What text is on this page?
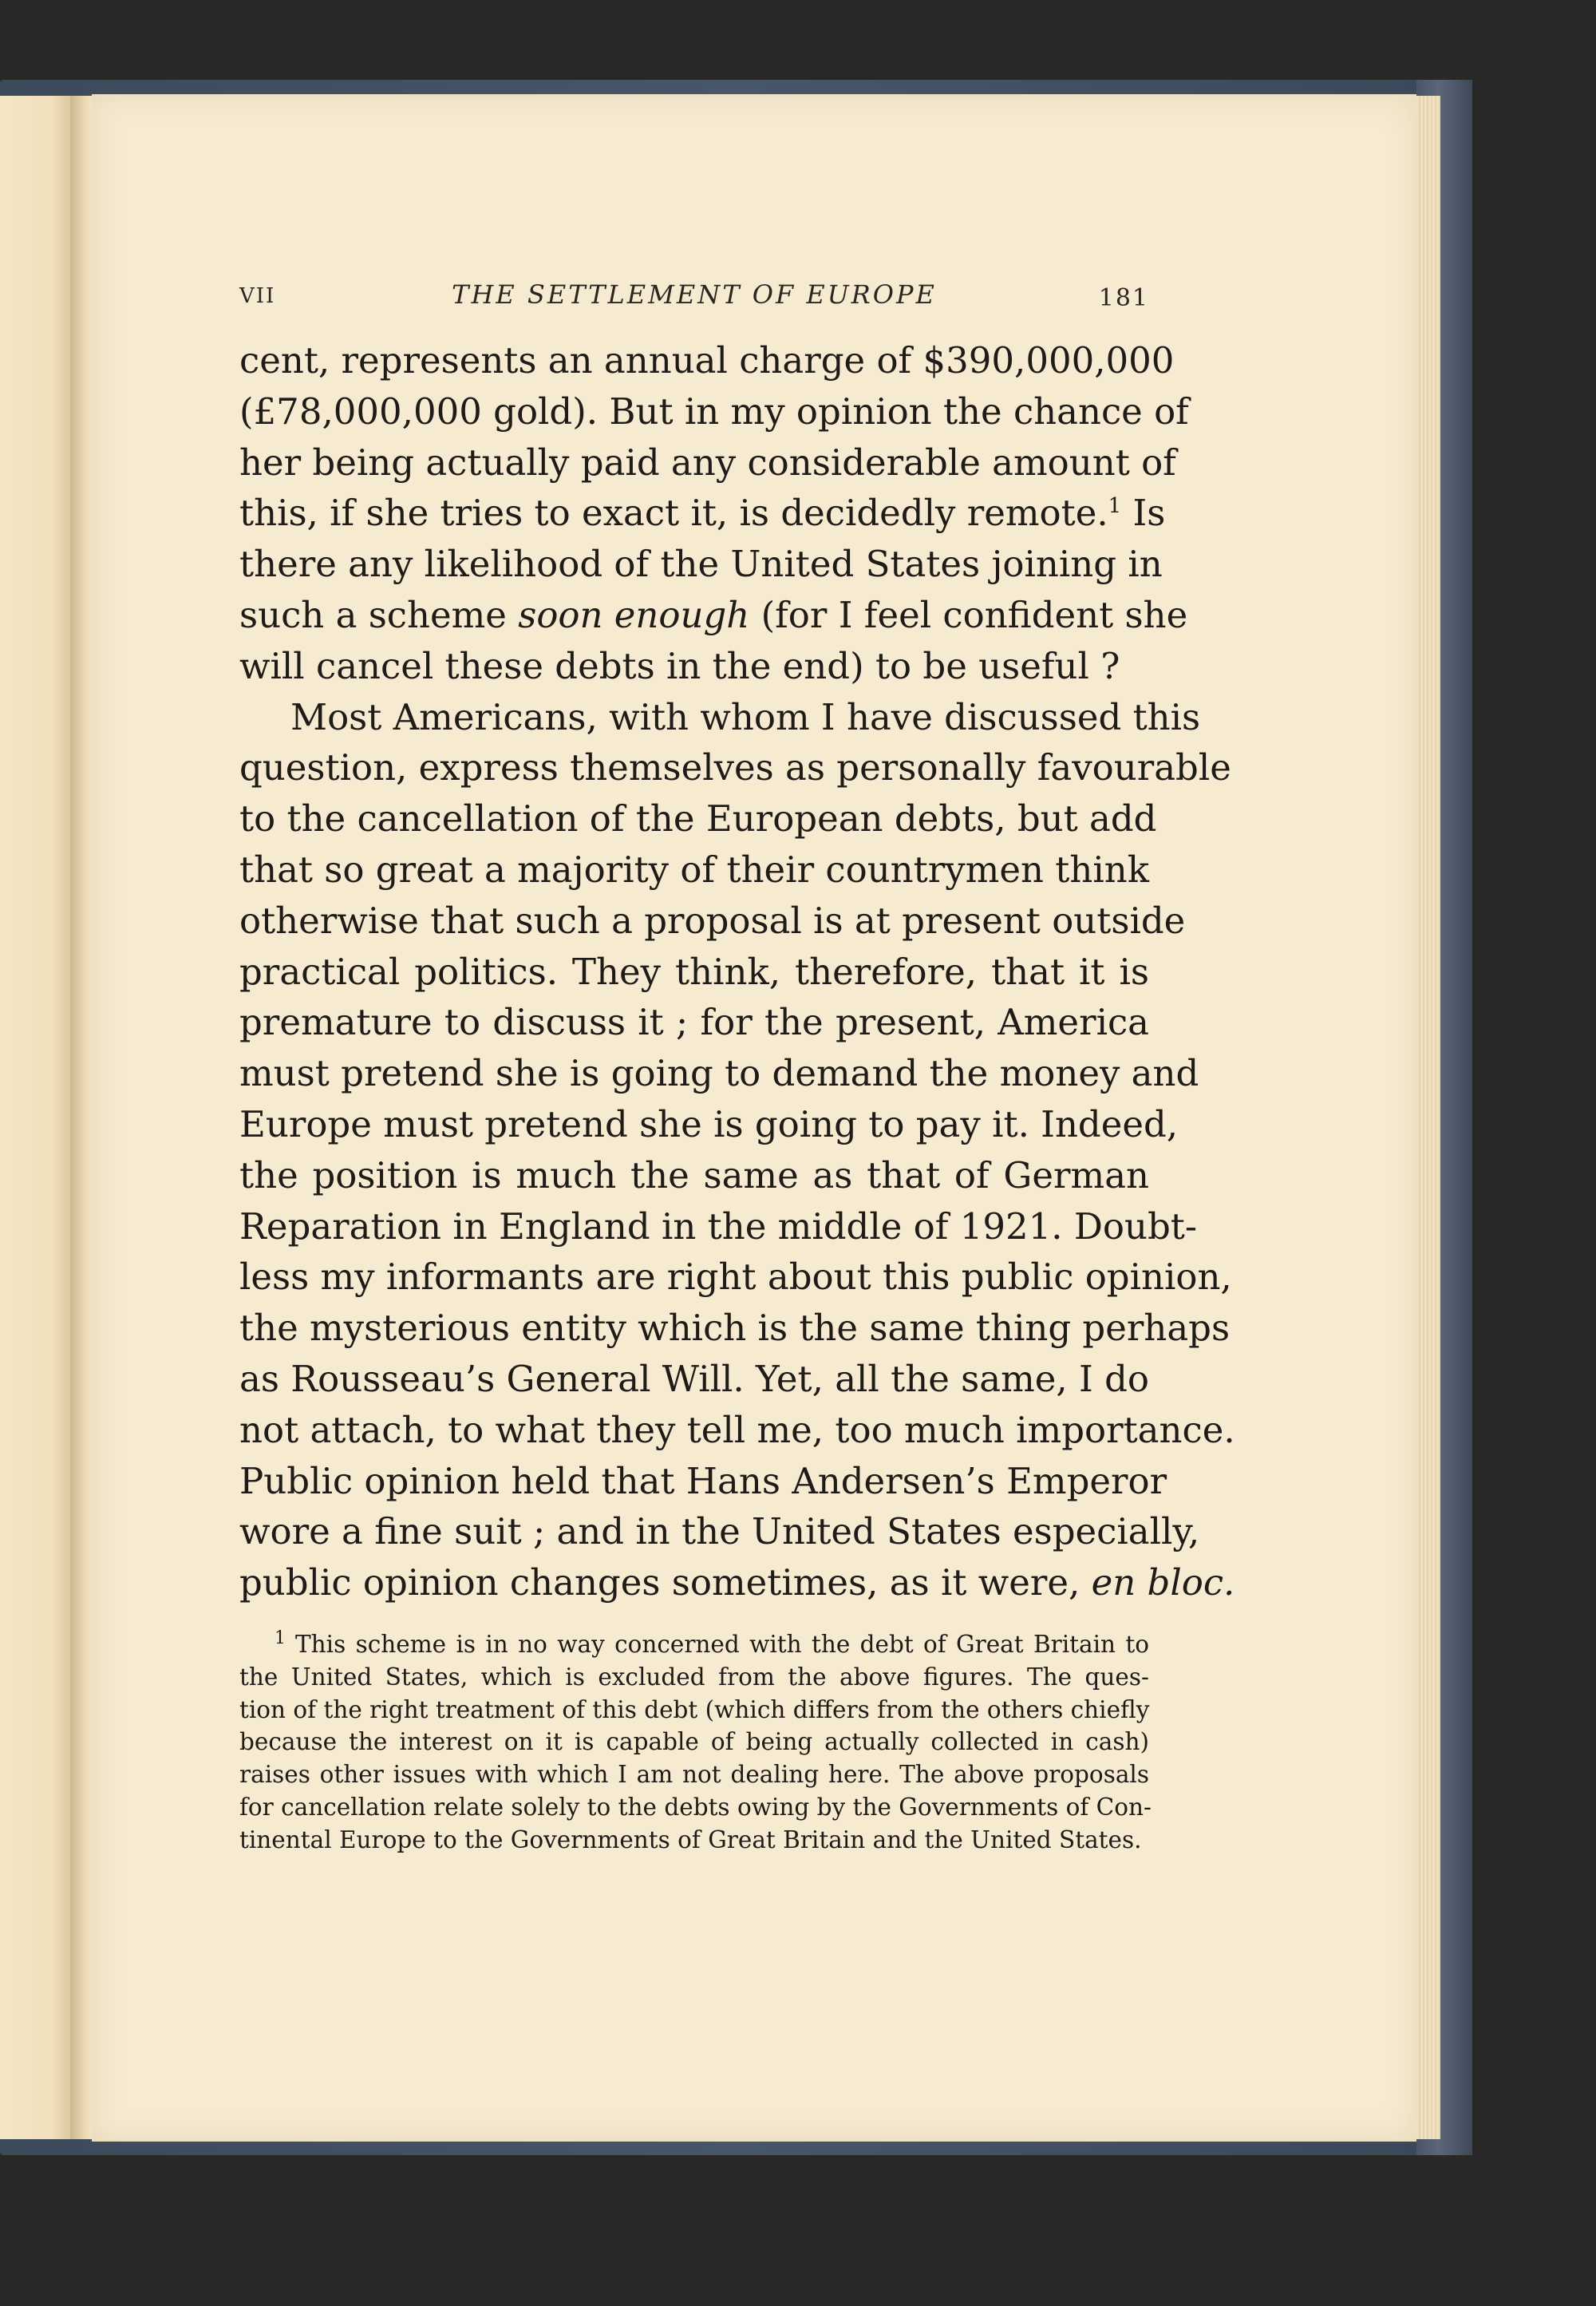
VII	THE SETTLEMENT OF EUROPE	181
cent, represents an annual charge of $390,000,000
(£78,000,000 gold). But in my opinion the chance of
her being actually paid any considerable amount of
this, if she tries to exact it, is decidedly remote.$^1$ Is
there any likelihood of the United States joining in
such a scheme soon enough (for I feel confident she
will cancel these debts in the end) to be useful ?
Most Americans, with whom I have discussed this
question, express themselves as personally favourable
to the cancellation of the European debts, but add
that so great a majority of their countrymen think
otherwise that such a proposal is at present outside
practical politics. They think, therefore, that it is
premature to discuss it ; for the present, America
must pretend she is going to demand the money and
Europe must pretend she is going to pay it. Indeed,
the position is much the same as that of German
Reparation in England in the middle of 1921. Doubt-
less my informants are right about this public opinion,
the mysterious entity which is the same thing perhaps
as Rousseau’s General Will. Yet, all the same, I do
not attach, to what they tell me, too much importance.
Public opinion held that Hans Andersen’s Emperor
wore a fine suit ; and in the United States especially,
public opinion changes sometimes, as it were, en bloc.
$^1$ This scheme is in no way concerned with the debt of Great Britain to
the United States, which is excluded from the above figures. The ques-
tion of the right treatment of this debt (which differs from the others chiefly
because the interest on it is capable of being actually collected in cash)
raises other issues with which I am not dealing here. The above proposals
for cancellation relate solely to the debts owing by the Governments of Con-
tinental Europe to the Governments of Great Britain and the United States.
